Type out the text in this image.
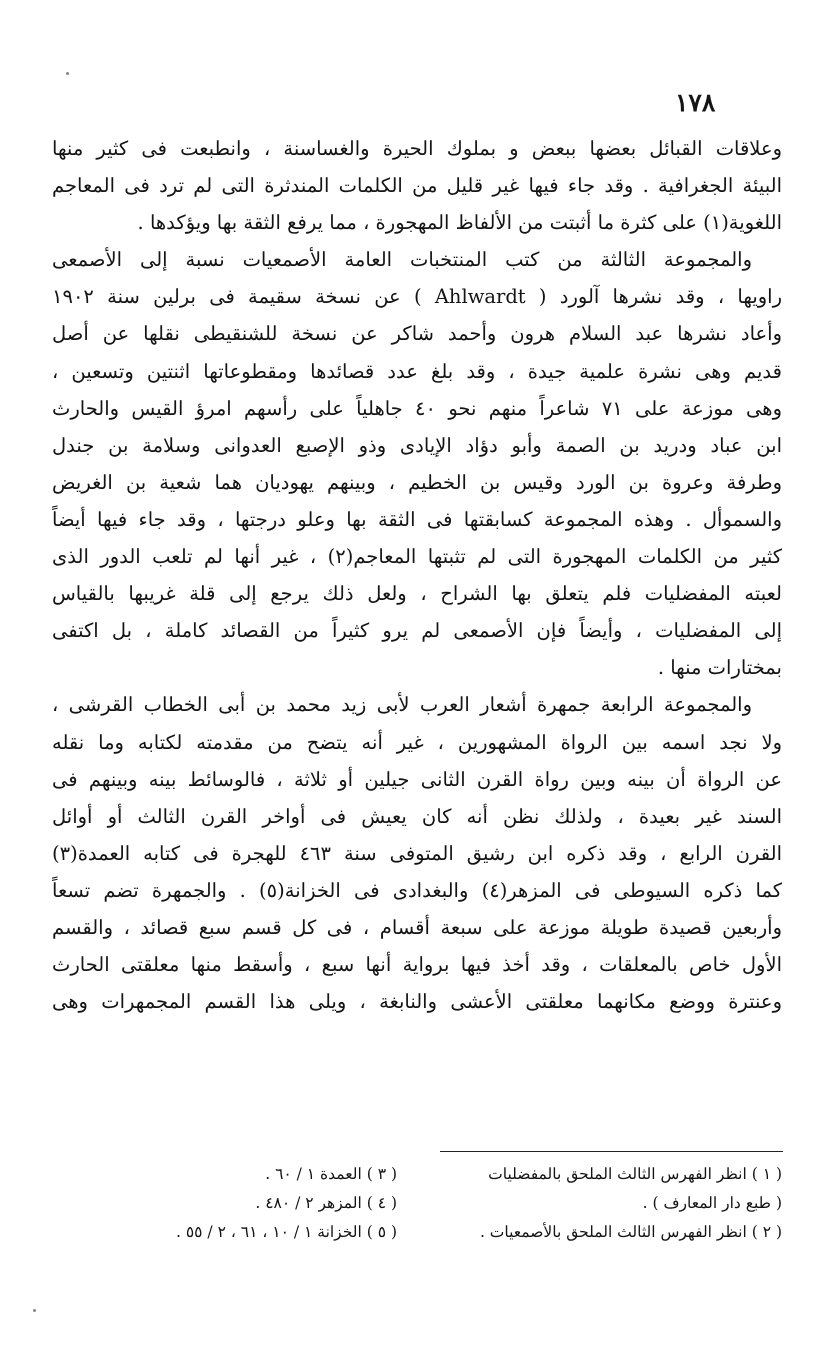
١٧٨
وعلاقات القبائل بعضها ببعض و بملوك الحيرة والغساسنة ، وانطبعت فى كثير منها
البيئة الجغرافية . وقد جاء فيها غير قليل من الكلمات المندثرة التى لم ترد فى المعاجم
اللغوية(١) على كثرة ما أثبتت من الألفاظ المهجورة ، مما يرفع الثقة بها ويؤكدها .
والمجموعة الثالثة من كتب المنتخبات العامة الأصمعيات نسبة إلى الأصمعى
راويها ، وقد نشرها آلورد ( Ahlwardt ) عن نسخة سقيمة فى برلين سنة ١٩٠٢
وأعاد نشرها عبد السلام هرون وأحمد شاكر عن نسخة للشنقيطى نقلها عن أصل
قديم وهى نشرة علمية جيدة ، وقد بلغ عدد قصائدها ومقطوعاتها اثنتين وتسعين ،
وهى موزعة على ٧١ شاعراً منهم نحو ٤٠ جاهلياً على رأسهم امرؤ القيس والحارث
ابن عباد ودريد بن الصمة وأبو دؤاد الإيادى وذو الإصبع العدوانى وسلامة بن جندل
وطرفة وعروة بن الورد وقيس بن الخطيم ، وبينهم يهوديان هما شعية بن الغريض
والسموأل . وهذه المجموعة كسابقتها فى الثقة بها وعلو درجتها ، وقد جاء فيها أيضاً
كثير من الكلمات المهجورة التى لم تثبتها المعاجم(٢) ، غير أنها لم تلعب الدور الذى
لعبته المفضليات فلم يتعلق بها الشراح ، ولعل ذلك يرجع إلى قلة غريبها بالقياس
إلى المفضليات ، وأيضاً فإن الأصمعى لم يرو كثيراً من القصائد كاملة ، بل اكتفى
بمختارات منها .
والمجموعة الرابعة جمهرة أشعار العرب لأبى زيد محمد بن أبى الخطاب القرشى ،
ولا نجد اسمه بين الرواة المشهورين ، غير أنه يتضح من مقدمته لكتابه وما نقله
عن الرواة أن بينه وبين رواة القرن الثانى جيلين أو ثلاثة ، فالوسائط بينه وبينهم فى
السند غير بعيدة ، ولذلك نظن أنه كان يعيش فى أواخر القرن الثالث أو أوائل
القرن الرابع ، وقد ذكره ابن رشيق المتوفى سنة ٤٦٣ للهجرة فى كتابه العمدة(٣)
كما ذكره السيوطى فى المزهر(٤) والبغدادى فى الخزانة(٥) . والجمهرة تضم تسعاً
وأربعين قصيدة طويلة موزعة على سبعة أقسام ، فى كل قسم سبع قصائد ، والقسم
الأول خاص بالمعلقات ، وقد أخذ فيها برواية أنها سبع ، وأسقط منها معلقتى الحارث
وعنترة ووضع مكانهما معلقتى الأعشى والنابغة ، ويلى هذا القسم المجمهرات وهى
( ١ ) انظر الفهرس الثالث الملحق بالمفضليات
( طبع دار المعارف ) .
( ٢ ) انظر الفهرس الثالث الملحق بالأصمعيات .
( ٣ ) العمدة ١ / ٦٠ .
( ٤ ) المزهر ٢ / ٤٨٠ .
( ٥ ) الخزانة ١ / ١٠ ، ٦١ ، ٢ / ٥٥ .
